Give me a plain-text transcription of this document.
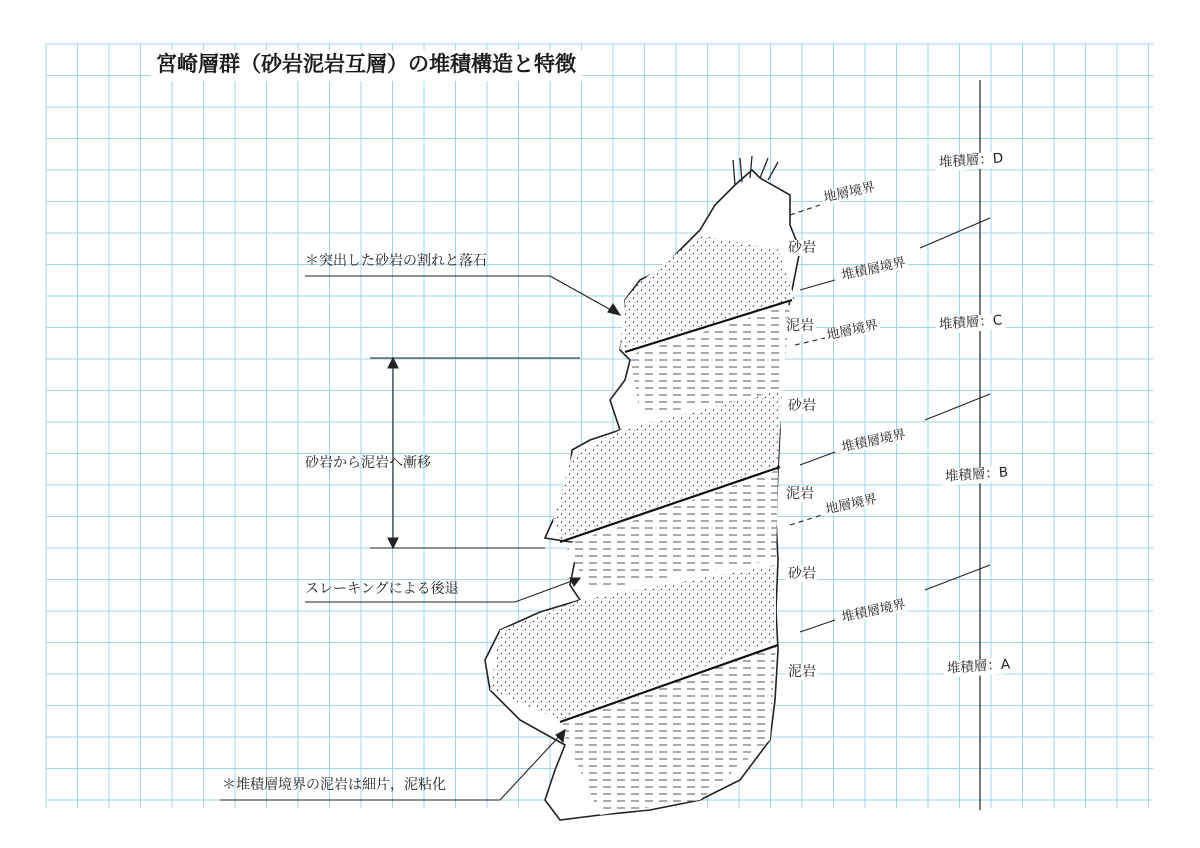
宮崎層群（砂岩泥岩互層）の堆積構造と特徴
＊突出した砂岩の割れと落石
砂岩から泥岩へ漸移
スレーキングによる後退
＊堆積層境界の泥岩は細片，泥粘化
砂岩
泥岩
砂岩
泥岩
砂岩
泥岩
地層境界
堆積層境界
地層境界
堆積層境界
地層境界
堆積層境界
堆積層：D
堆積層：C
堆積層：B
堆積層：A
